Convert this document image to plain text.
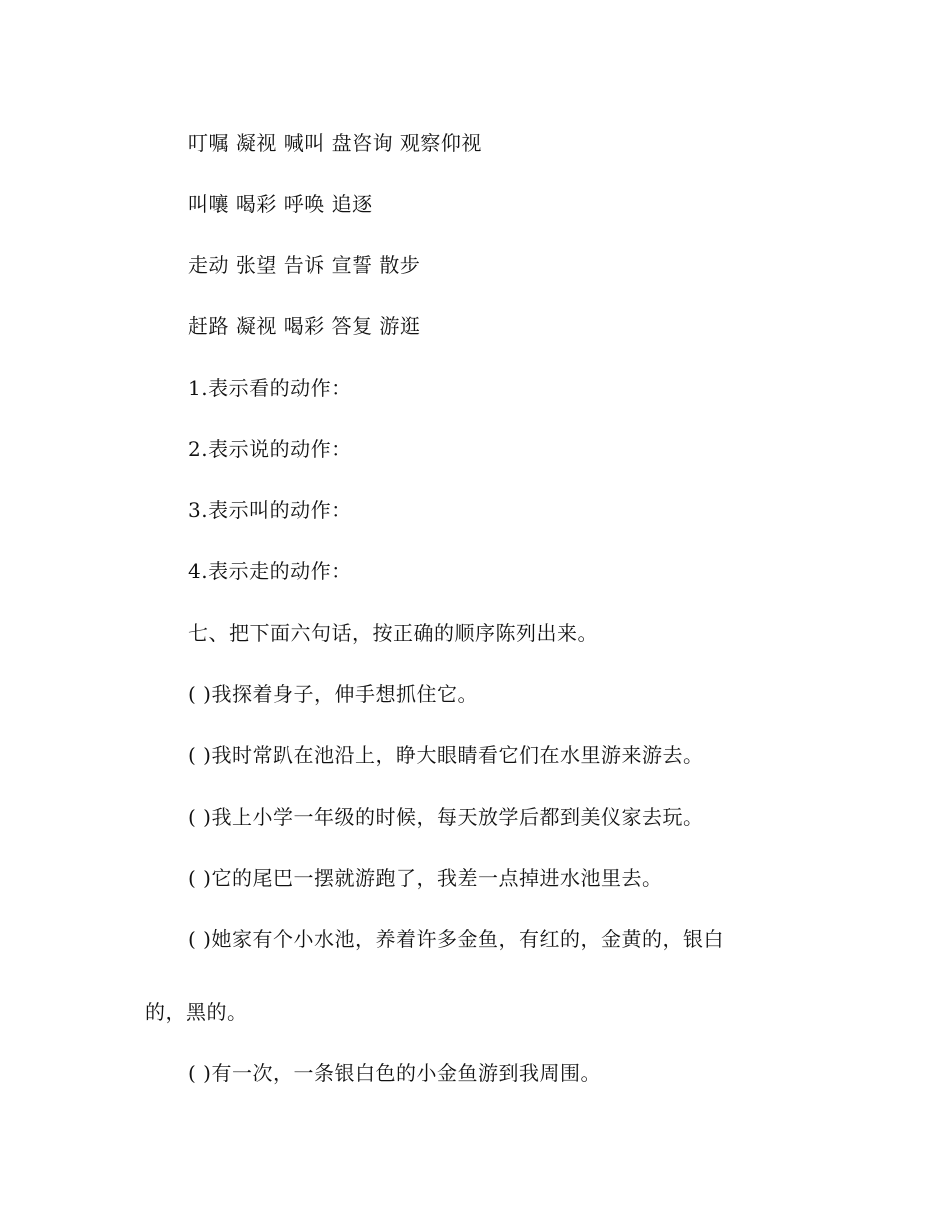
叮嘱 凝视 喊叫 盘咨询 观察仰视
叫嚷 喝彩 呼唤 追逐
走动 张望 告诉 宣誓 散步
赶路 凝视 喝彩 答复 游逛
1.表示看的动作：
2.表示说的动作：
3.表示叫的动作：
4.表示走的动作：
七、把下面六句话，按正确的顺序陈列出来。
( )我探着身子，伸手想抓住它。
( )我时常趴在池沿上，睁大眼睛看它们在水里游来游去。
( )我上小学一年级的时候，每天放学后都到美仪家去玩。
( )它的尾巴一摆就游跑了，我差一点掉进水池里去。
( )她家有个小水池，养着许多金鱼，有红的，金黄的，银白
的，黑的。
( )有一次，一条银白色的小金鱼游到我周围。
